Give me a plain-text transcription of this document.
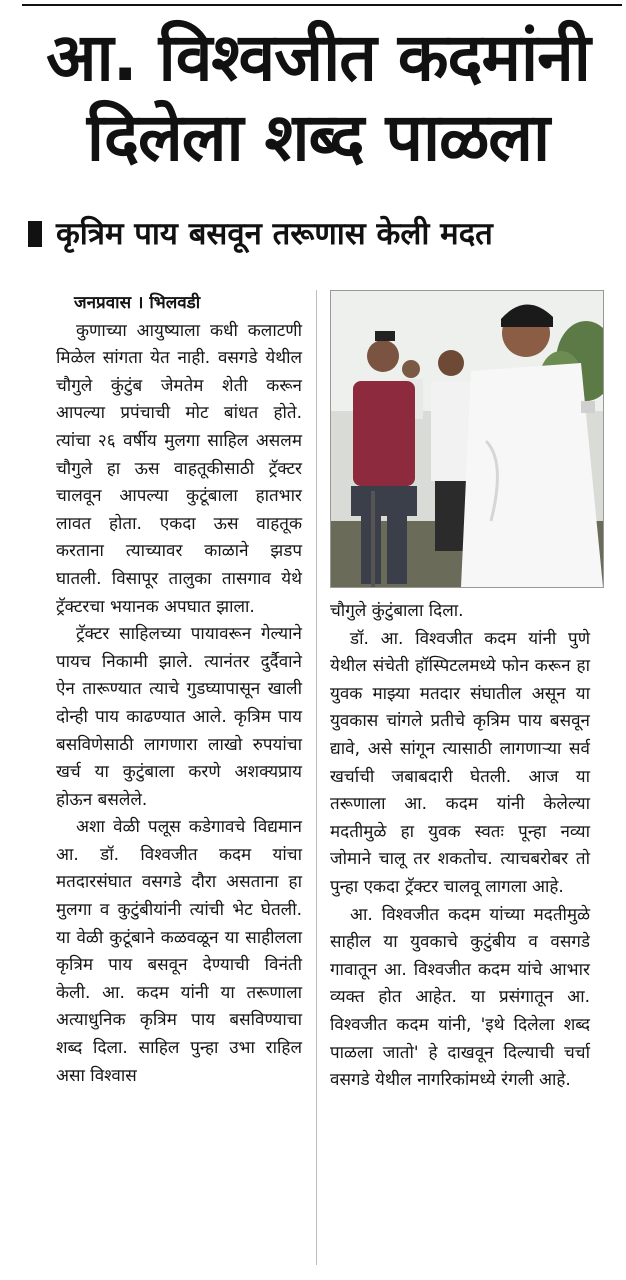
आ. विश्वजीत कदमांनी दिलेला शब्द पाळला
कृत्रिम पाय बसवून तरूणास केली मदत
जनप्रवास । भिलवडी

कुणाच्या आयुष्याला कधी कलाटणी मिळेल सांगता येत नाही. वसगडे येथील चौगुले कुंटुंब जेमतेम शेती करून आपल्या प्रपंचाची मोट बांधत होते. त्यांचा २६ वर्षीय मुलगा साहिल असलम चौगुले हा ऊस वाहतूकीसाठी ट्रॅक्टर चालवून आपल्या कुटूंबाला हातभार लावत होता. एकदा ऊस वाहतूक करताना त्याच्यावर काळाने झडप घातली. विसापूर तालुका तासगाव येथे ट्रॅक्टरचा भयानक अपघात झाला.

ट्रॅक्टर साहिलच्या पायावरून गेल्याने पायच निकामी झाले. त्यानंतर दुर्दैवाने ऐन तारूण्यात त्याचे गुडघ्यापासून खाली दोन्ही पाय काढण्यात आले. कृत्रिम पाय बसविणेसाठी लागणारा लाखो रुपयांचा खर्च या कुटुंबाला करणे अशक्यप्राय होऊन बसलेले.

अशा वेळी पलूस कडेगावचे विद्यमान आ. डॉ. विश्वजीत कदम यांचा मतदारसंघात वसगडे दौरा असताना हा मुलगा व कुटुंबीयांनी त्यांची भेट घेतली. या वेळी कुटूंबाने कळवळून या साहीलला कृत्रिम पाय बसवून देण्याची विनंती केली. आ. कदम यांनी या तरूणाला अत्याधुनिक कृत्रिम पाय बसविण्याचा शब्द दिला. साहिल पुन्हा उभा राहिल असा विश्वास

चौगुले कुंटुंबाला दिला.

डॉ. आ. विश्वजीत कदम यांनी पुणे येथील संचेती हॉस्पिटलमध्ये फोन करून हा युवक माझ्या मतदार संघातील असून या युवकास चांगले प्रतीचे कृत्रिम पाय बसवून द्यावे, असे सांगून त्यासाठी लागणाऱ्या सर्व खर्चाची जबाबदारी घेतली. आज या तरूणाला आ. कदम यांनी केलेल्या मदतीमुळे हा युवक स्वतः पून्हा नव्या जोमाने चालू तर शकतोच. त्याचबरोबर तो पुन्हा एकदा ट्रॅक्टर चालवू लागला आहे.

आ. विश्वजीत कदम यांच्या मदतीमुळे साहील या युवकाचे कुटुंबीय व वसगडे गावातून आ. विश्वजीत कदम यांचे आभार व्यक्त होत आहेत. या प्रसंगातून आ. विश्वजीत कदम यांनी, 'इथे दिलेला शब्द पाळला जातो' हे दाखवून दिल्याची चर्चा वसगडे येथील नागरिकांमध्ये रंगली आहे.
